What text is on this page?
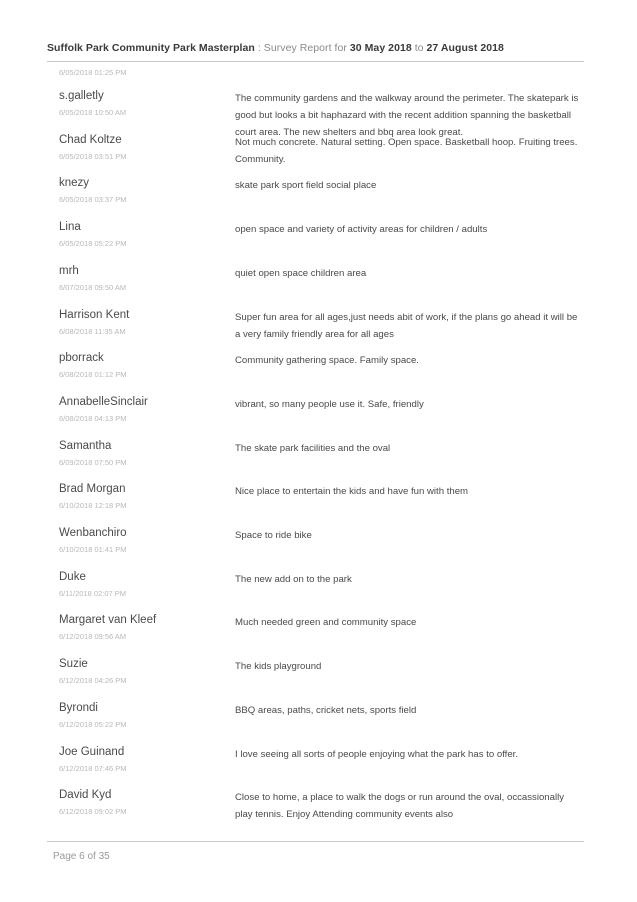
Suffolk Park Community Park Masterplan : Survey Report for 30 May 2018 to 27 August 2018
6/05/2018 01:25 PM
s.galletly
6/05/2018 10:50 AM
The community gardens and the walkway around the perimeter. The skatepark is good but looks a bit haphazard with the recent addition spanning the basketball court area. The new shelters and bbq area look great.
Chad Koltze
6/05/2018 03:51 PM
Not much concrete. Natural setting. Open space. Basketball hoop. Fruiting trees. Community.
knezy
6/05/2018 03:37 PM
skate park sport field social place
Lina
6/05/2018 05:22 PM
open space and variety of activity areas for children / adults
mrh
6/07/2018 09:50 AM
quiet open space children area
Harrison Kent
6/08/2018 11:35 AM
Super fun area for all ages,just needs abit of work, if the plans go ahead it will be a very family friendly area for all ages
pborrack
6/08/2018 01:12 PM
Community gathering space. Family space.
AnnabelleSinclair
6/08/2018 04:13 PM
vibrant, so many people use it. Safe, friendly
Samantha
6/09/2018 07:50 PM
The skate park facilities and the oval
Brad Morgan
6/10/2018 12:18 PM
Nice place to entertain the kids and have fun with them
Wenbanchiro
6/10/2018 01:41 PM
Space to ride bike
Duke
6/11/2018 02:07 PM
The new add on to the park
Margaret van Kleef
6/12/2018 09:56 AM
Much needed green and community space
Suzie
6/12/2018 04:26 PM
The kids playground
Byrondi
6/12/2018 05:22 PM
BBQ areas, paths, cricket nets, sports field
Joe Guinand
6/12/2018 07:46 PM
I love seeing all sorts of people enjoying what the park has to offer.
David Kyd
6/12/2018 09:02 PM
Close to home, a place to walk the dogs or run around the oval, occassionally play tennis. Enjoy Attending community events also
Page 6 of 35
